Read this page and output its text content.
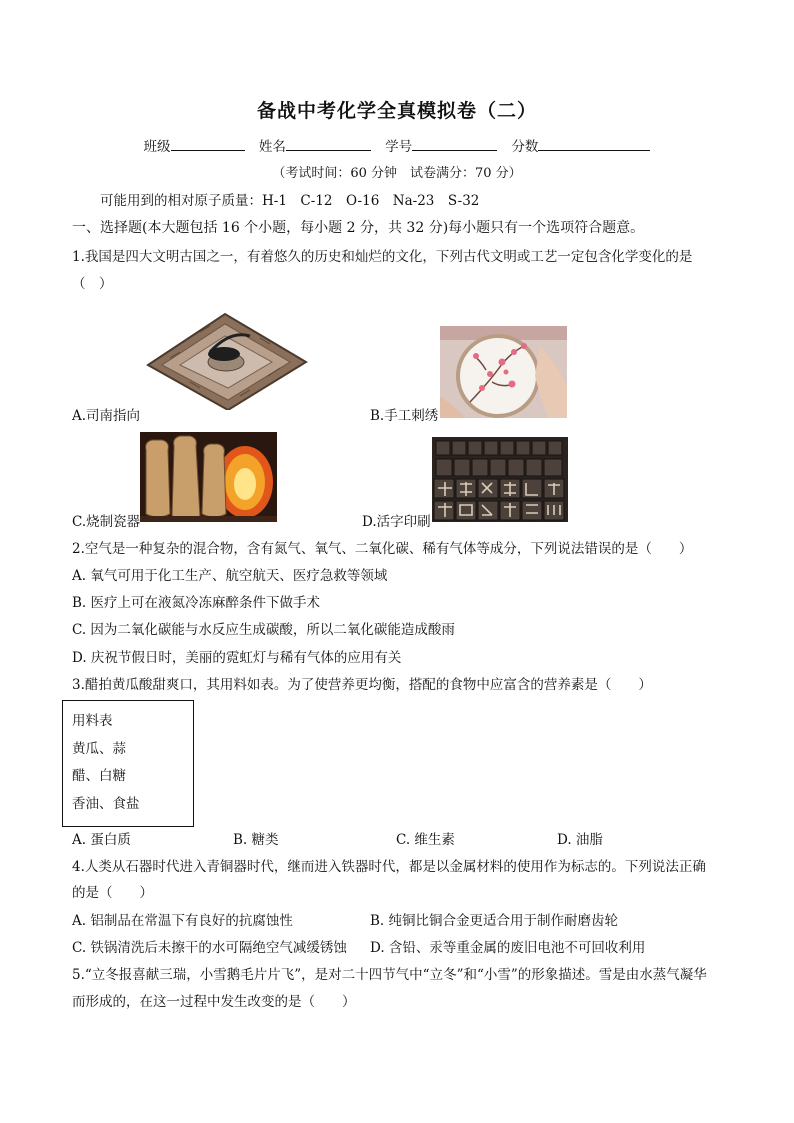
备战中考化学全真模拟卷（二）
班级	姓名	学号	分数
（考试时间：60 分钟　试卷满分：70 分）
可能用到的相对原子质量：H-1　C-12　O-16　Na-23　S-32
一、选择题(本大题包括 16 个小题，每小题 2 分，共 32 分)每小题只有一个选项符合题意。
1.我国是四大文明古国之一，有着悠久的历史和灿烂的文化，下列古代文明或工艺一定包含化学变化的是
（　）
A.司南指向	B.手工刺绣
C.烧制瓷器	D.活字印刷
2.空气是一种复杂的混合物，含有氮气、氧气、二氧化碳、稀有气体等成分，下列说法错误的是（　　）
A. 氧气可用于化工生产、航空航天、医疗急救等领域
B. 医疗上可在液氮冷冻麻醉条件下做手术
C. 因为二氧化碳能与水反应生成碳酸，所以二氧化碳能造成酸雨
D. 庆祝节假日时，美丽的霓虹灯与稀有气体的应用有关
3.醋拍黄瓜酸甜爽口，其用料如表。为了使营养更均衡，搭配的食物中应富含的营养素是（　　）
用料表
黄瓜、蒜
醋、白糖
香油、食盐
A. 蛋白质	B. 糖类	C. 维生素	D. 油脂
4.人类从石器时代进入青铜器时代，继而进入铁器时代，都是以金属材料的使用作为标志的。下列说法正确
的是（　　）
A. 铝制品在常温下有良好的抗腐蚀性	B. 纯铜比铜合金更适合用于制作耐磨齿轮
C. 铁锅清洗后未擦干的水可隔绝空气减缓锈蚀 D. 含铅、汞等重金属的废旧电池不可回收利用
5.“立冬报喜献三瑞，小雪鹅毛片片飞”，是对二十四节气中“立冬”和“小雪”的形象描述。雪是由水蒸气凝华
而形成的，在这一过程中发生改变的是（　　）
